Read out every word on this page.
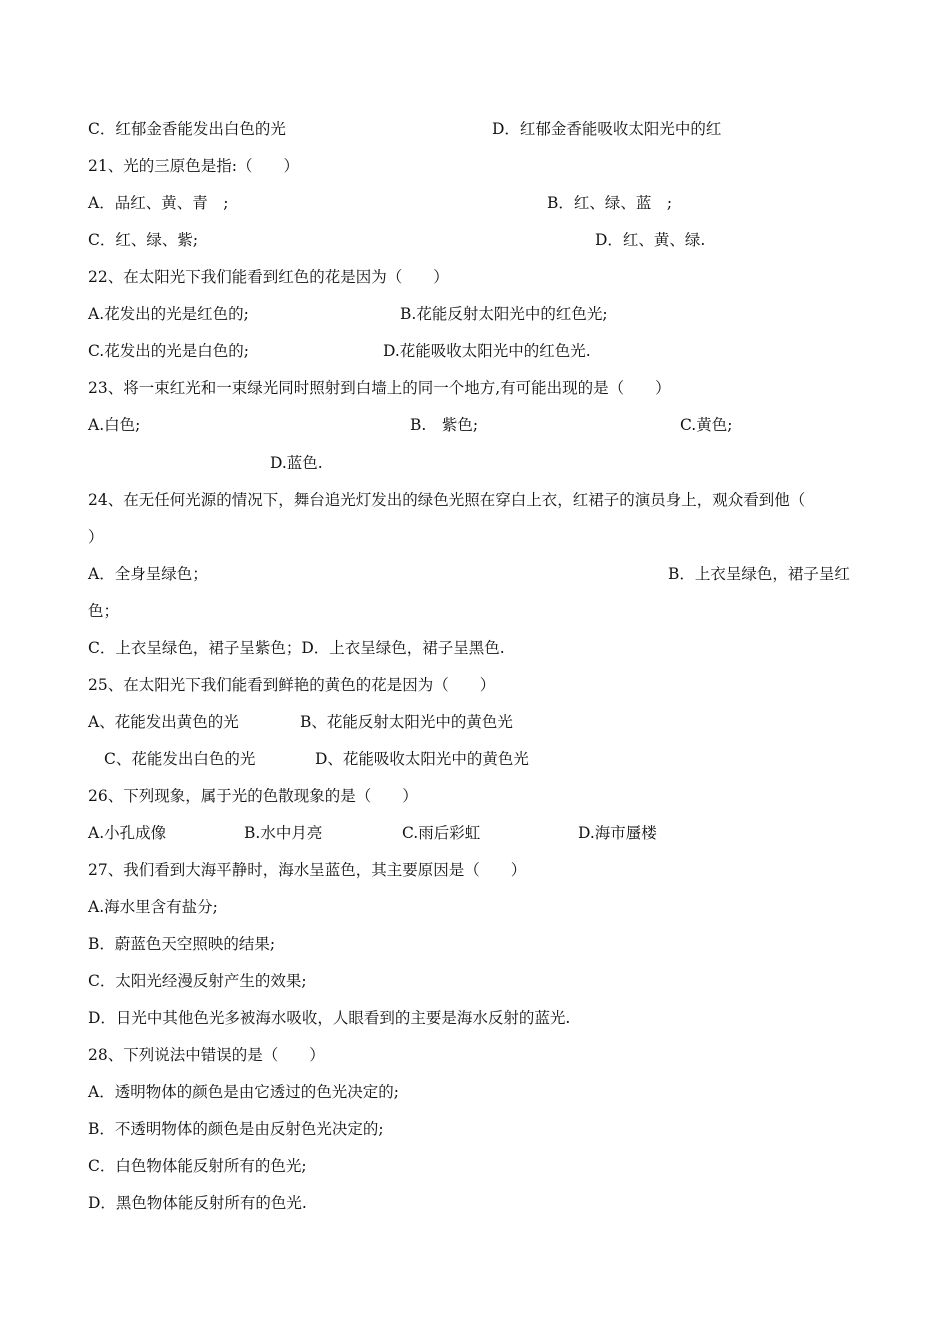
C．红郁金香能发出白色的光	D．红郁金香能吸收太阳光中的红
21、光的三原色是指:（　　）
A．品红、黄、青　;	B．红、绿、蓝　;
C．红、绿、紫;	D．红、黄、绿.
22、在太阳光下我们能看到红色的花是因为（　　）
A.花发出的光是红色的;	B.花能反射太阳光中的红色光;
C.花发出的光是白色的;	D.花能吸收太阳光中的红色光.
23、将一束红光和一束绿光同时照射到白墙上的同一个地方,有可能出现的是（　　）
A.白色;	B.　紫色;	C.黄色;
D.蓝色.
24、在无任何光源的情况下，舞台追光灯发出的绿色光照在穿白上衣，红裙子的演员身上，观众看到他（
）
A．全身呈绿色；	B．上衣呈绿色，裙子呈红
色；
C．上衣呈绿色，裙子呈紫色；D．上衣呈绿色，裙子呈黑色.
25、在太阳光下我们能看到鲜艳的黄色的花是因为（　　）
A、花能发出黄色的光	B、花能反射太阳光中的黄色光
C、花能发出白色的光	D、花能吸收太阳光中的黄色光
26、下列现象，属于光的色散现象的是（　　）
A.小孔成像	B.水中月亮	C.雨后彩虹	D.海市蜃楼
27、我们看到大海平静时，海水呈蓝色，其主要原因是（　　）
A.海水里含有盐分;
B．蔚蓝色天空照映的结果;
C．太阳光经漫反射产生的效果;
D．日光中其他色光多被海水吸收，人眼看到的主要是海水反射的蓝光.
28、下列说法中错误的是（　　）
A．透明物体的颜色是由它透过的色光决定的;
B．不透明物体的颜色是由反射色光决定的;
C．白色物体能反射所有的色光;
D．黑色物体能反射所有的色光.
